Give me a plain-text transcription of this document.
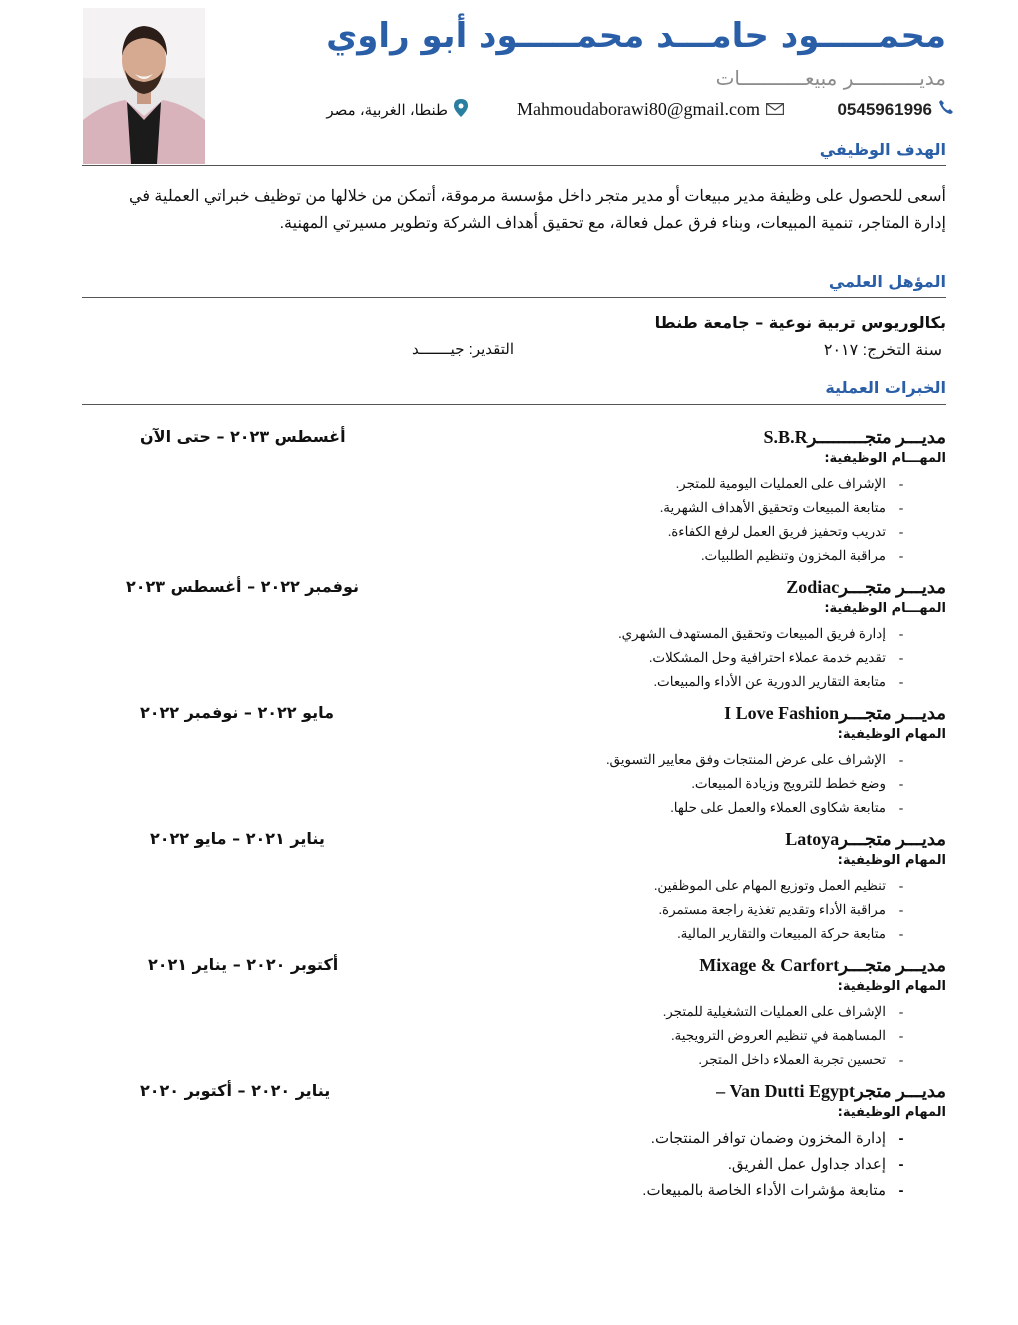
محمـــــود حامـــد محمـــــود أبو راوي
مديـــــــــــر مبيعـــــــــــات
0545961996
Mahmoudaborawi80@gmail.com
طنطا، الغربية، مصر
الهدف الوظيفي
أسعى للحصول على وظيفة مدير مبيعات أو مدير متجر داخل مؤسسة مرموقة، أتمكن من خلالها من توظيف خبراتي العملية في إدارة المتاجر، تنمية المبيعات، وبناء فرق عمل فعالة، مع تحقيق أهداف الشركة وتطوير مسيرتي المهنية.
المؤهل العلمي
بكالوريوس تربية نوعية – جامعة طنطا
سنة التخرج: ٢٠١٧
التقدير: جيـــــــد
الخبرات العملية
مديـــر متجـــــــــرS.B.R
أغسطس ٢٠٢٣ – حتى الآن
المهـــام الوظيفية:
- الإشراف على العمليات اليومية للمتجر.
- متابعة المبيعات وتحقيق الأهداف الشهرية.
- تدريب وتحفيز فريق العمل لرفع الكفاءة.
- مراقبة المخزون وتنظيم الطلبيات.
مديـــر متجـــرZodiac
نوفمبر ٢٠٢٢ – أغسطس ٢٠٢٣
المهـــام الوظيفية:
- إدارة فريق المبيعات وتحقيق المستهدف الشهري.
- تقديم خدمة عملاء احترافية وحل المشكلات.
- متابعة التقارير الدورية عن الأداء والمبيعات.
مديـــر متجـــرI Love Fashion
مايو ٢٠٢٢ – نوفمبر ٢٠٢٢
المهام الوظيفية:
- الإشراف على عرض المنتجات وفق معايير التسويق.
- وضع خطط للترويج وزيادة المبيعات.
- متابعة شكاوى العملاء والعمل على حلها.
مديـــر متجـــرLatoya
يناير ٢٠٢١ – مايو ٢٠٢٢
المهام الوظيفية:
- تنظيم العمل وتوزيع المهام على الموظفين.
- مراقبة الأداء وتقديم تغذية راجعة مستمرة.
- متابعة حركة المبيعات والتقارير المالية.
مديـــر متجـــرMixage & Carfort
أكتوبر ٢٠٢٠ – يناير ٢٠٢١
المهام الوظيفية:
- الإشراف على العمليات التشغيلية للمتجر.
- المساهمة في تنظيم العروض الترويجية.
- تحسين تجربة العملاء داخل المتجر.
مديـــر متجرVan Dutti Egypt –
يناير ٢٠٢٠ – أكتوبر ٢٠٢٠
المهام الوظيفية:
- إدارة المخزون وضمان توافر المنتجات.
- إعداد جداول عمل الفريق.
- متابعة مؤشرات الأداء الخاصة بالمبيعات.
